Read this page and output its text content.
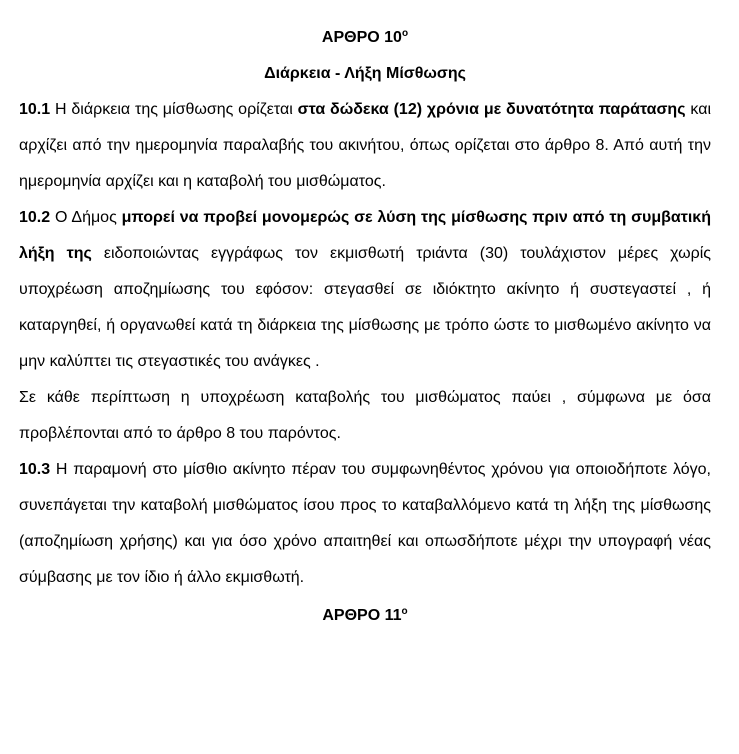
ΑΡΘΡΟ $10^o$

Διάρκεια - Λήξη Μίσθωσης

10.1 Η διάρκεια της μίσθωσης ορίζεται στα δώδεκα (12) χρόνια με δυνατότητα παράτασης και αρχίζει από την ημερομηνία παραλαβής του ακινήτου, όπως ορίζεται στο άρθρο 8. Από αυτή την ημερομηνία αρχίζει και η καταβολή του μισθώματος.

10.2 Ο Δήμος μπορεί να προβεί μονομερώς σε λύση της μίσθωσης πριν από τη συμβατική λήξη της ειδοποιώντας εγγράφως τον εκμισθωτή τριάντα (30) τουλάχιστον μέρες χωρίς υποχρέωση αποζημίωσης του εφόσον: στεγασθεί σε ιδιόκτητο ακίνητο ή συστεγαστεί , ή καταργηθεί, ή οργανωθεί κατά τη διάρκεια της μίσθωσης με τρόπο ώστε το μισθωμένο ακίνητο να μην καλύπτει τις στεγαστικές του ανάγκες .

Σε κάθε περίπτωση η υποχρέωση καταβολής του μισθώματος παύει , σύμφωνα με όσα προβλέπονται από το άρθρο 8 του παρόντος.

10.3 Η παραμονή στο μίσθιο ακίνητο πέραν του συμφωνηθέντος χρόνου για οποιοδήποτε λόγο, συνεπάγεται την καταβολή μισθώματος ίσου προς το καταβαλλόμενο κατά τη λήξη της μίσθωσης (αποζημίωση χρήσης) και για όσο χρόνο απαιτηθεί και οπωσδήποτε μέχρι την υπογραφή νέας σύμβασης με τον ίδιο ή άλλο εκμισθωτή.

ΑΡΘΡΟ $11^o$
